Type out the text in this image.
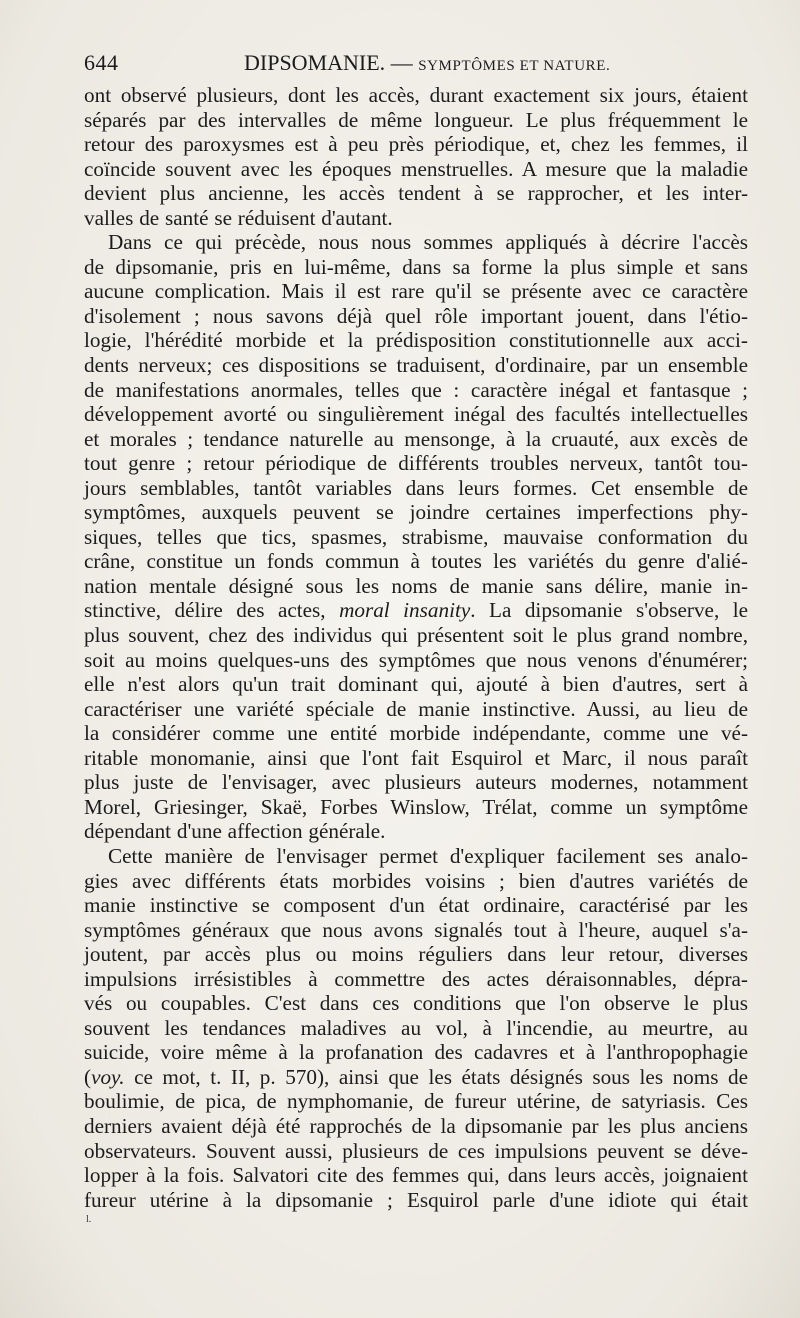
644	DIPSOMANIE. — SYMPTÔMES ET NATURE.
ont observé plusieurs, dont les accès, durant exactement six jours, étaient
séparés par des intervalles de même longueur. Le plus fréquemment le
retour des paroxysmes est à peu près périodique, et, chez les femmes, il
coïncide souvent avec les époques menstruelles. A mesure que la maladie
devient plus ancienne, les accès tendent à se rapprocher, et les inter-
valles de santé se réduisent d'autant.
Dans ce qui précède, nous nous sommes appliqués à décrire l'accès
de dipsomanie, pris en lui-même, dans sa forme la plus simple et sans
aucune complication. Mais il est rare qu'il se présente avec ce caractère
d'isolement ; nous savons déjà quel rôle important jouent, dans l'étio-
logie, l'hérédité morbide et la prédisposition constitutionnelle aux acci-
dents nerveux; ces dispositions se traduisent, d'ordinaire, par un ensemble
de manifestations anormales, telles que : caractère inégal et fantasque ;
développement avorté ou singulièrement inégal des facultés intellectuelles
et morales ; tendance naturelle au mensonge, à la cruauté, aux excès de
tout genre ; retour périodique de différents troubles nerveux, tantôt tou-
jours semblables, tantôt variables dans leurs formes. Cet ensemble de
symptômes, auxquels peuvent se joindre certaines imperfections phy-
siques, telles que tics, spasmes, strabisme, mauvaise conformation du
crâne, constitue un fonds commun à toutes les variétés du genre d'alié-
nation mentale désigné sous les noms de manie sans délire, manie in-
stinctive, délire des actes, moral insanity. La dipsomanie s'observe, le
plus souvent, chez des individus qui présentent soit le plus grand nombre,
soit au moins quelques-uns des symptômes que nous venons d'énumérer;
elle n'est alors qu'un trait dominant qui, ajouté à bien d'autres, sert à
caractériser une variété spéciale de manie instinctive. Aussi, au lieu de
la considérer comme une entité morbide indépendante, comme une vé-
ritable monomanie, ainsi que l'ont fait Esquirol et Marc, il nous paraît
plus juste de l'envisager, avec plusieurs auteurs modernes, notamment
Morel, Griesinger, Skaë, Forbes Winslow, Trélat, comme un symptôme
dépendant d'une affection générale.
Cette manière de l'envisager permet d'expliquer facilement ses analo-
gies avec différents états morbides voisins ; bien d'autres variétés de
manie instinctive se composent d'un état ordinaire, caractérisé par les
symptômes généraux que nous avons signalés tout à l'heure, auquel s'a-
joutent, par accès plus ou moins réguliers dans leur retour, diverses
impulsions irrésistibles à commettre des actes déraisonnables, dépra-
vés ou coupables. C'est dans ces conditions que l'on observe le plus
souvent les tendances maladives au vol, à l'incendie, au meurtre, au
suicide, voire même à la profanation des cadavres et à l'anthropophagie
(voy. ce mot, t. II, p. 570), ainsi que les états désignés sous les noms de
boulimie, de pica, de nymphomanie, de fureur utérine, de satyriasis. Ces
derniers avaient déjà été rapprochés de la dipsomanie par les plus anciens
observateurs. Souvent aussi, plusieurs de ces impulsions peuvent se déve-
lopper à la fois. Salvatori cite des femmes qui, dans leurs accès, joignaient
fureur utérine à la dipsomanie ; Esquirol parle d'une idiote qui était
l.
